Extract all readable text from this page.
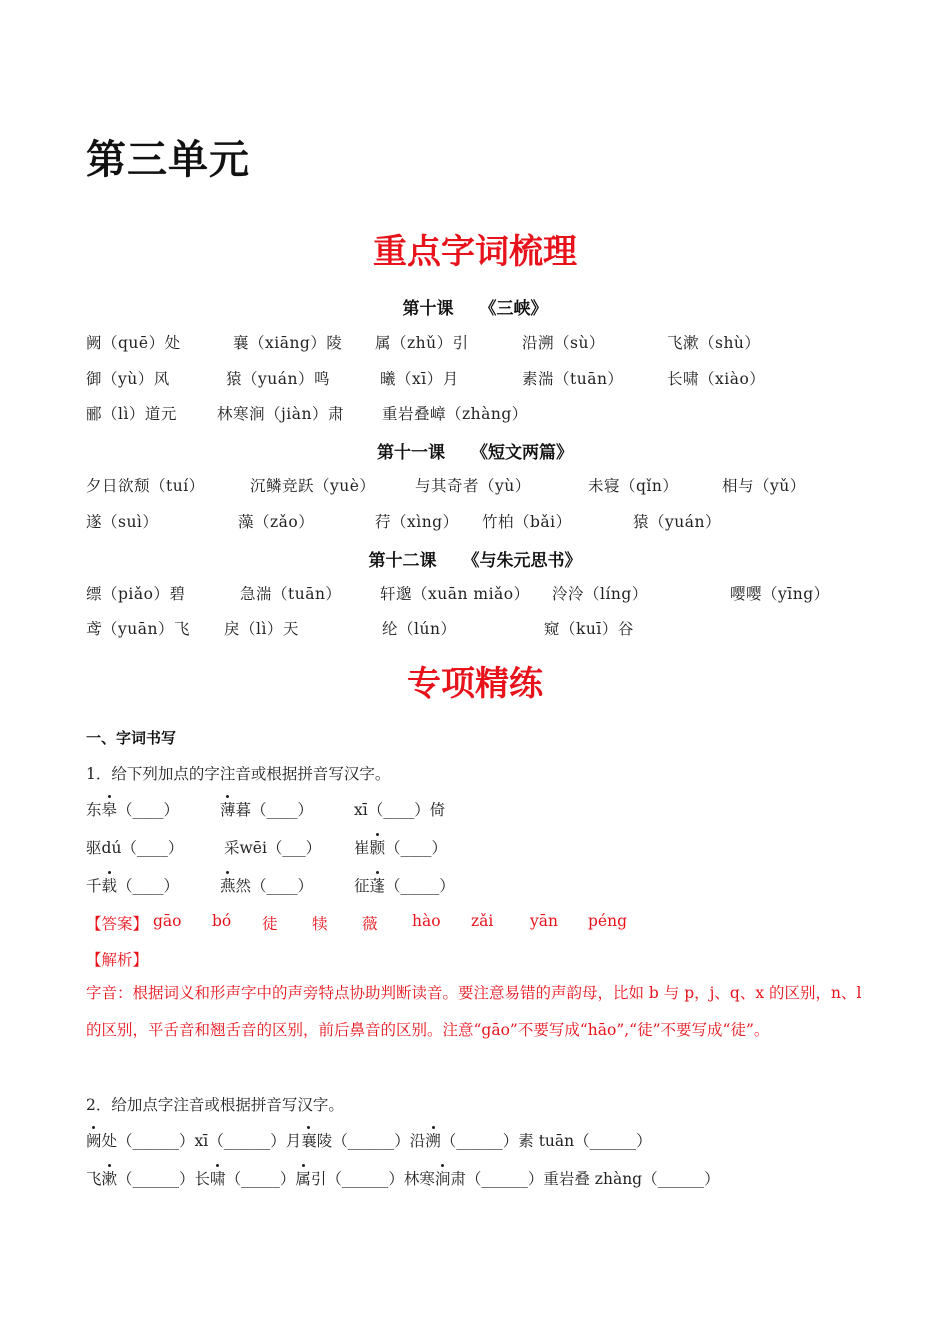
第三单元
重点字词梳理
第十课 《三峡》
阙（quē）处	襄（xiāng）陵 属（zhǔ）引	沿溯（sù）	飞漱（shù）
御（yù）风	猿（yuán）鸣	曦（xī）月	素湍（tuān）	长啸（xiào）
郦（lì）道元	林寒涧（jiàn）肃 重岩叠嶂（zhàng）
第十一课 《短文两篇》
夕日欲颓（tuí）	沉鳞竞跃（yuè）	与其奇者（yù）	未寝（qǐn）	相与（yǔ）
遂（suì）	藻（zǎo）	荇（xìng） 竹柏（bǎi）	猿（yuán）
第十二课 《与朱元思书》
缥（piǎo）碧	急湍（tuān） 轩邈（xuān miǎo） 泠泠（líng）	嘤嘤（yīng）
鸢（yuān）飞 戾（lì）天	纶（lún）	窥（kuī）谷
专项精练
一、字词书写
1．给下列加点的字注音或根据拼音写汉字。
东皋（____）	薄暮（____）	xī（____）倚
驱dú（____）	采wēi（___） 崔颢（____）
千载（____）	燕然（____）	征蓬（_____）
【答案】 gāo bó 徒 犊 薇 hào zǎi yān péng
【解析】
字音：根据词义和形声字中的声旁特点协助判断读音。要注意易错的声韵母，比如 b 与 p，j、q、x 的区别，n、l 的区别，平舌音和翘舌音的区别，前后鼻音的区别。注意“gāo”不要写成“hāo”,“徒”不要写成“徒”。
2．给加点字注音或根据拼音写汉字。
阙处（______）xī（______）月襄陵（______）沿溯（______）素 tuān（______）
飞漱（______）长啸（_____）属引（______）林寒涧肃（______）重岩叠 zhàng（______）
